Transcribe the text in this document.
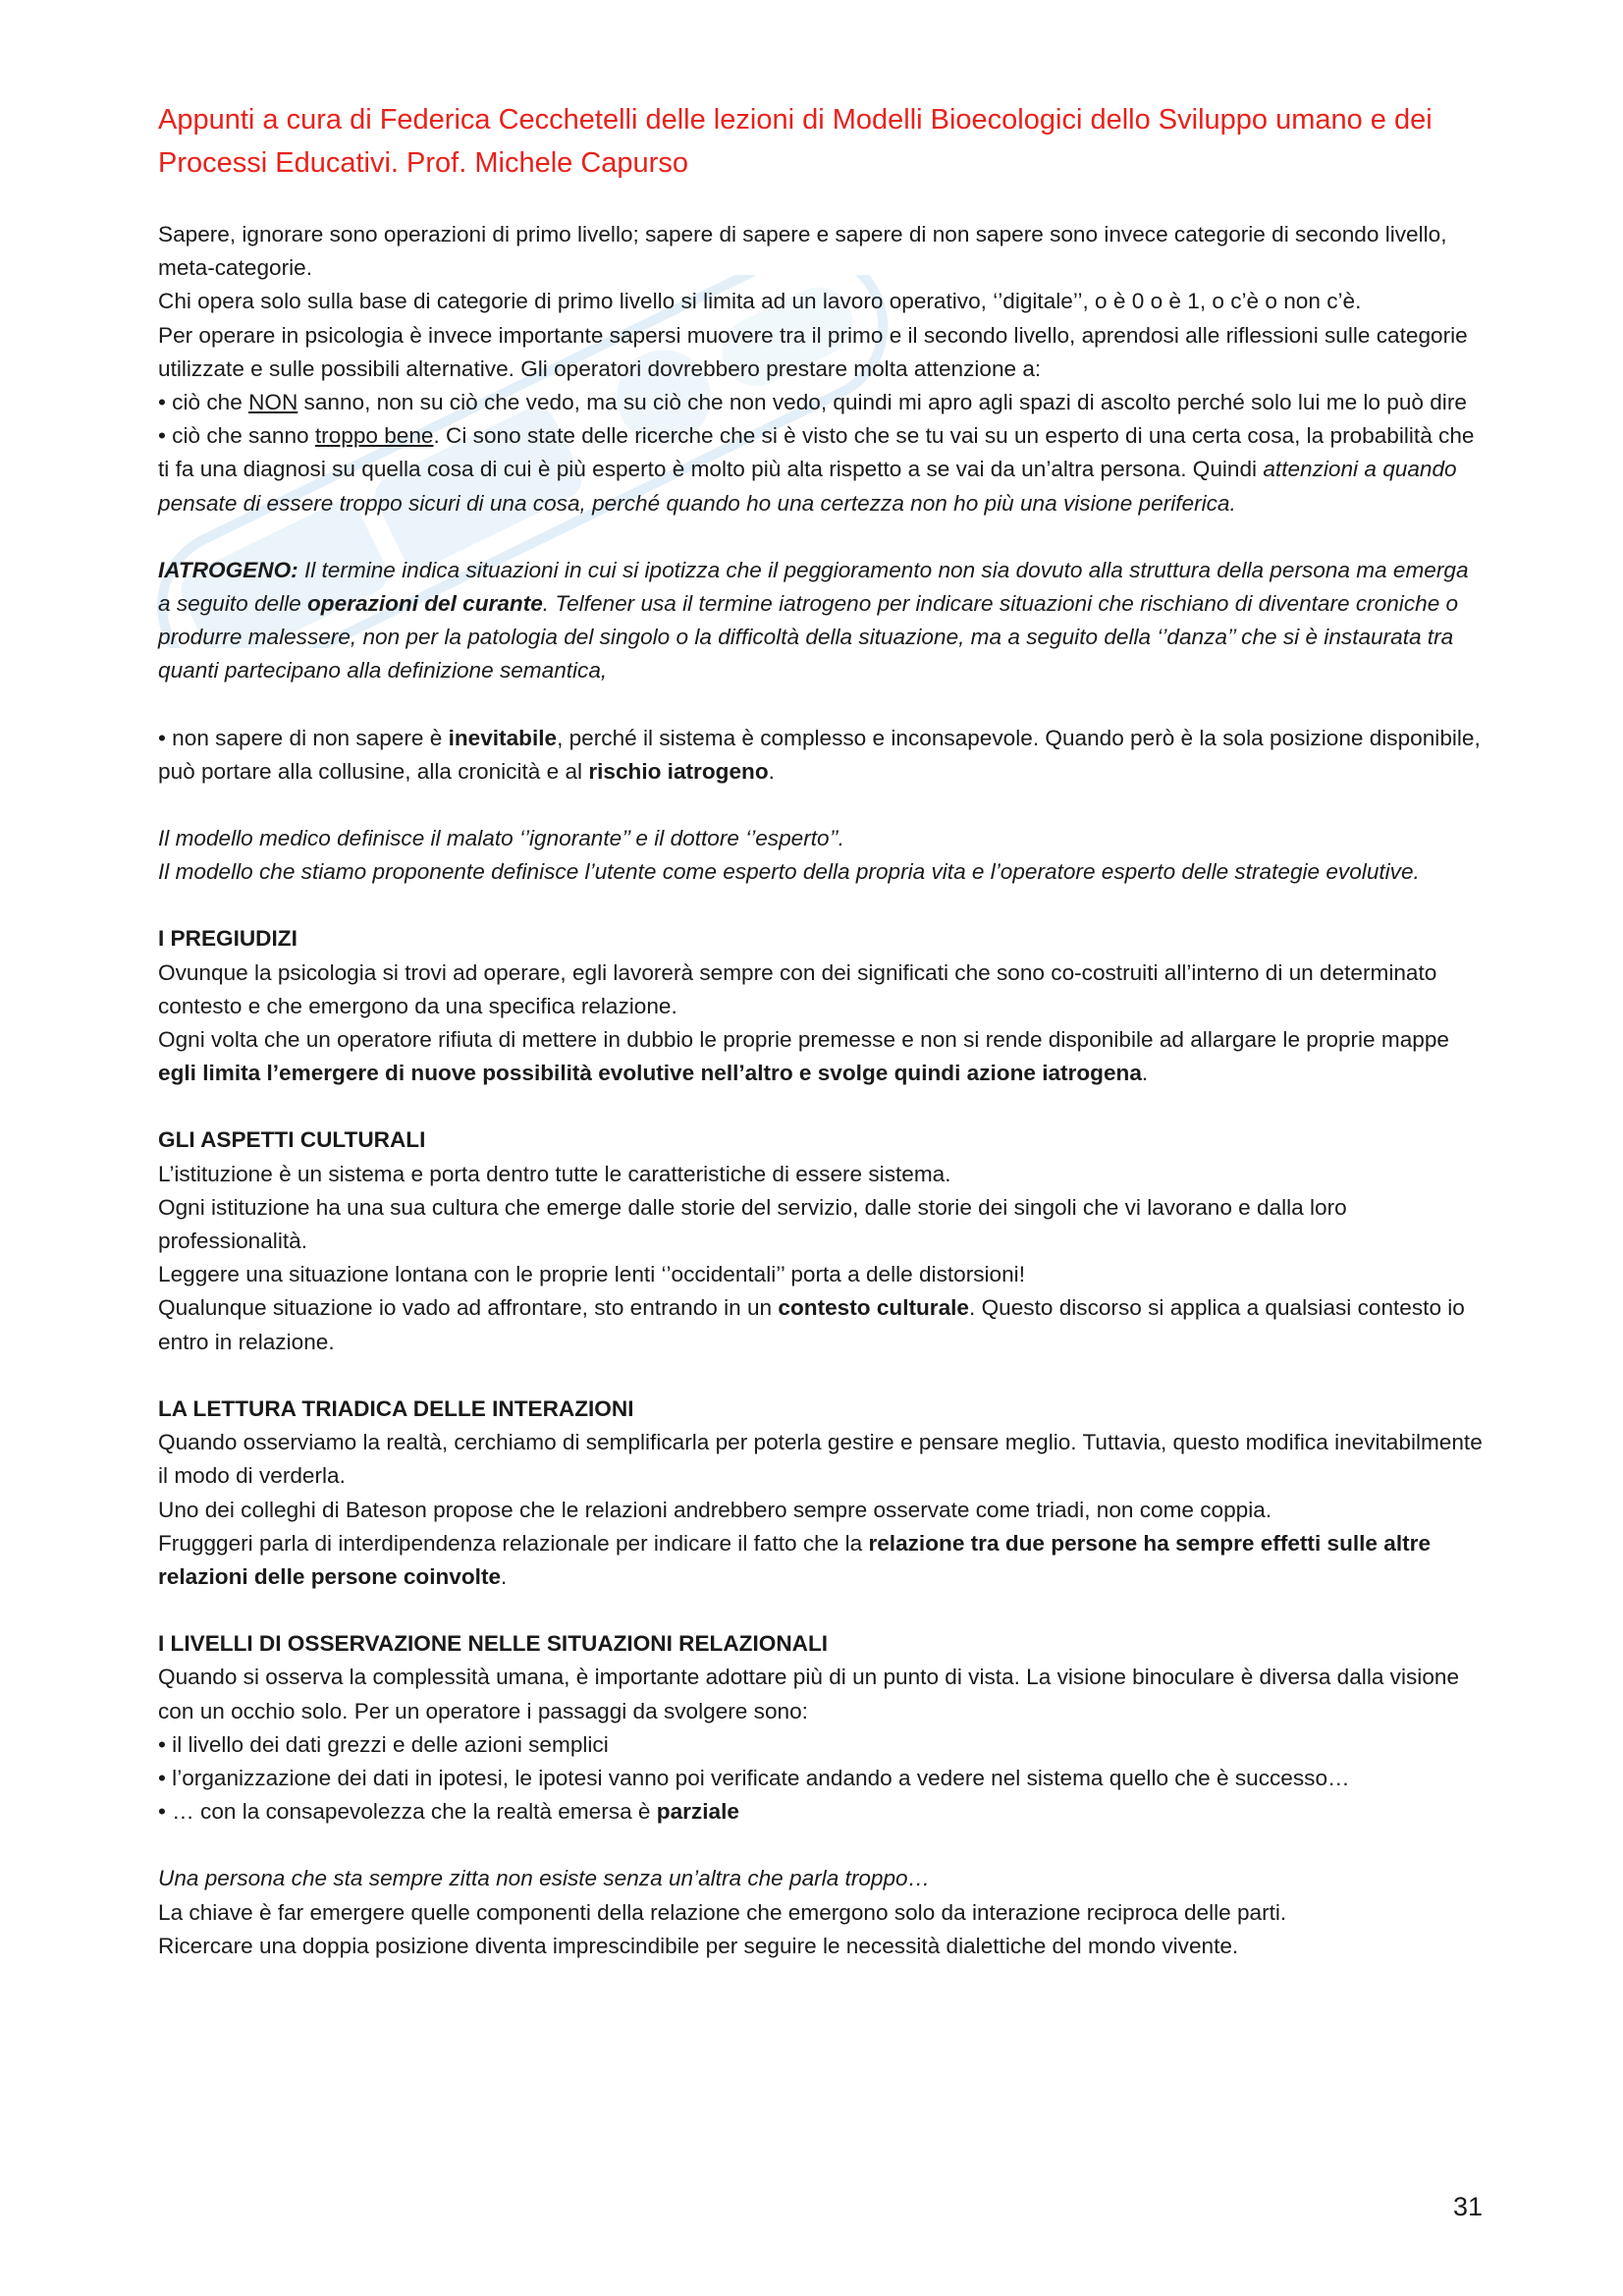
Appunti a cura di Federica Cecchetelli delle lezioni di Modelli Bioecologici dello Sviluppo umano e dei Processi Educativi. Prof. Michele Capurso

Sapere, ignorare sono operazioni di primo livello; sapere di sapere e sapere di non sapere sono invece categorie di secondo livello, meta-categorie.

Chi opera solo sulla base di categorie di primo livello si limita ad un lavoro operativo, ‘’digitale’’, o è 0 o è 1, o c’è o non c’è.

Per operare in psicologia è invece importante sapersi muovere tra il primo e il secondo livello, aprendosi alle riflessioni sulle categorie utilizzate e sulle possibili alternative. Gli operatori dovrebbero prestare molta attenzione a:

• ciò che NON sanno, non su ciò che vedo, ma su ciò che non vedo, quindi mi apro agli spazi di ascolto perché solo lui me lo può dire

• ciò che sanno troppo bene. Ci sono state delle ricerche che si è visto che se tu vai su un esperto di una certa cosa, la probabilità che ti fa una diagnosi su quella cosa di cui è più esperto è molto più alta rispetto a se vai da un’altra persona. Quindi attenzioni a quando pensate di essere troppo sicuri di una cosa, perché quando ho una certezza non ho più una visione periferica.

IATROGENO: Il termine indica situazioni in cui si ipotizza che il peggioramento non sia dovuto alla struttura della persona ma emerga a seguito delle operazioni del curante. Telfener usa il termine iatrogeno per indicare situazioni che rischiano di diventare croniche o produrre malessere, non per la patologia del singolo o la difficoltà della situazione, ma a seguito della ‘’danza’’ che si è instaurata tra quanti partecipano alla definizione semantica,

• non sapere di non sapere è inevitabile, perché il sistema è complesso e inconsapevole. Quando però è la sola posizione disponibile, può portare alla collusine, alla cronicità e al rischio iatrogeno.

Il modello medico definisce il malato ‘’ignorante’’ e il dottore ‘’esperto’’.

Il modello che stiamo proponente definisce l’utente come esperto della propria vita e l’operatore esperto delle strategie evolutive.

I PREGIUDIZI

Ovunque la psicologia si trovi ad operare, egli lavorerà sempre con dei significati che sono co-costruiti all’interno di un determinato contesto e che emergono da una specifica relazione.

Ogni volta che un operatore rifiuta di mettere in dubbio le proprie premesse e non si rende disponibile ad allargare le proprie mappe egli limita l’emergere di nuove possibilità evolutive nell’altro e svolge quindi azione iatrogena.

GLI ASPETTI CULTURALI

L’istituzione è un sistema e porta dentro tutte le caratteristiche di essere sistema.

Ogni istituzione ha una sua cultura che emerge dalle storie del servizio, dalle storie dei singoli che vi lavorano e dalla loro professionalità.

Leggere una situazione lontana con le proprie lenti ‘’occidentali’’ porta a delle distorsioni!

Qualunque situazione io vado ad affrontare, sto entrando in un contesto culturale. Questo discorso si applica a qualsiasi contesto io entro in relazione.

LA LETTURA TRIADICA DELLE INTERAZIONI

Quando osserviamo la realtà, cerchiamo di semplificarla per poterla gestire e pensare meglio. Tuttavia, questo modifica inevitabilmente il modo di verderla.

Uno dei colleghi di Bateson propose che le relazioni andrebbero sempre osservate come triadi, non come coppia.

Frugggeri parla di interdipendenza relazionale per indicare il fatto che la relazione tra due persone ha sempre effetti sulle altre relazioni delle persone coinvolte.

I LIVELLI DI OSSERVAZIONE NELLE SITUAZIONI RELAZIONALI

Quando si osserva la complessità umana, è importante adottare più di un punto di vista. La visione binoculare è diversa dalla visione con un occhio solo. Per un operatore i passaggi da svolgere sono:

• il livello dei dati grezzi e delle azioni semplici

• l’organizzazione dei dati in ipotesi, le ipotesi vanno poi verificate andando a vedere nel sistema quello che è successo…

• … con la consapevolezza che la realtà emersa è parziale

Una persona che sta sempre zitta non esiste senza un’altra che parla troppo…

La chiave è far emergere quelle componenti della relazione che emergono solo da interazione reciproca delle parti.

Ricercare una doppia posizione diventa imprescindibile per seguire le necessità dialettiche del mondo vivente.

31
